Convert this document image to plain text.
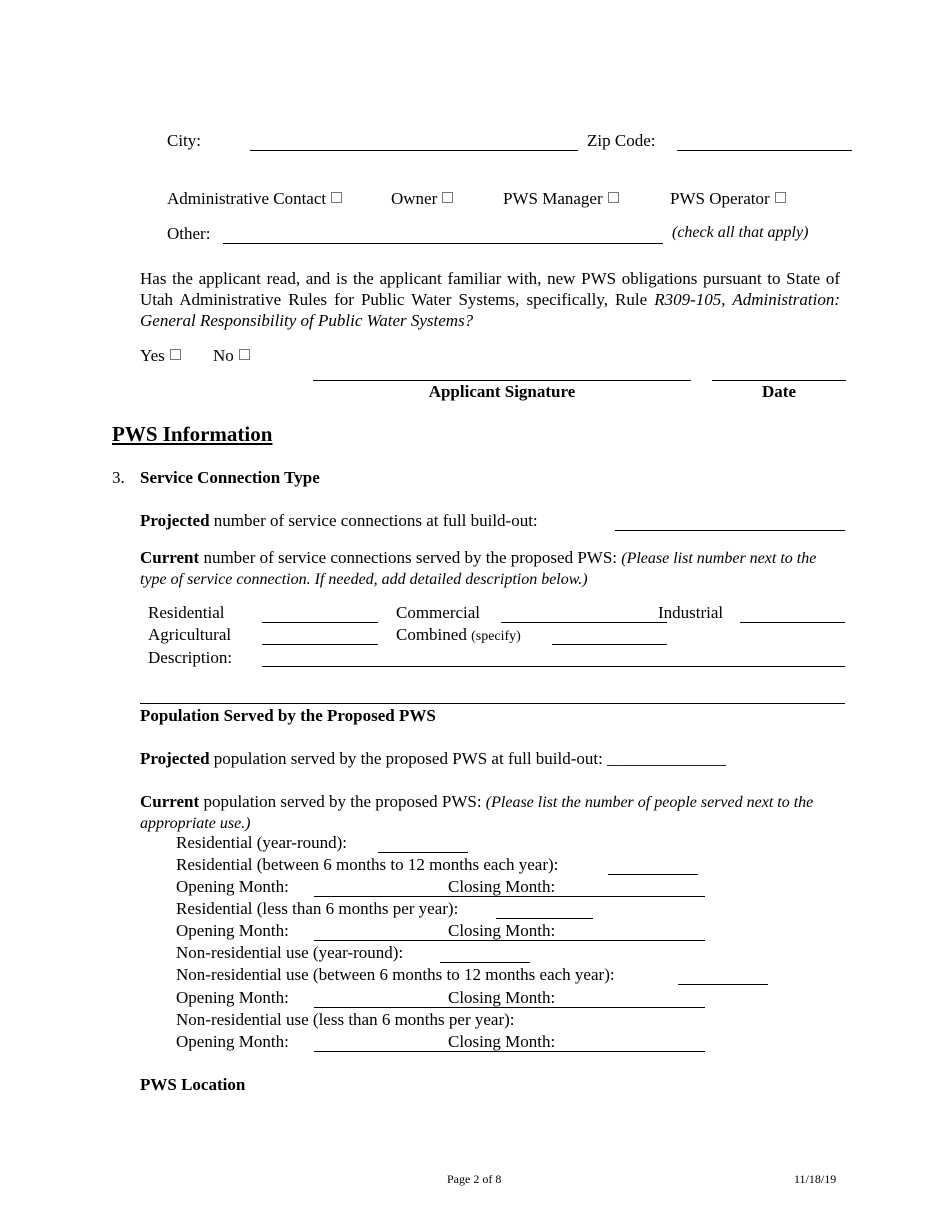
City:	Zip Code:
Administrative Contact	Owner	PWS Manager	PWS Operator
Other:	(check all that apply)
Has the applicant read, and is the applicant familiar with, new PWS obligations pursuant to State of Utah Administrative Rules for Public Water Systems, specifically, Rule R309-105, Administration: General Responsibility of Public Water Systems?
Yes	No
Applicant Signature	Date
PWS Information
3. Service Connection Type
Projected number of service connections at full build-out:
Current number of service connections served by the proposed PWS: (Please list number next to the type of service connection. If needed, add detailed description below.)
Residential	Commercial	Industrial
Agricultural	Combined (specify)
Description:
Population Served by the Proposed PWS
Projected population served by the proposed PWS at full build-out: ______________
Current population served by the proposed PWS: (Please list the number of people served next to the appropriate use.)
Residential (year-round):
Residential (between 6 months to 12 months each year):
Opening Month:	Closing Month:
Residential (less than 6 months per year):
Opening Month:	Closing Month:
Non-residential use (year-round):
Non-residential use (between 6 months to 12 months each year):
Opening Month:	Closing Month:
Non-residential use (less than 6 months per year):
Opening Month:	Closing Month:
PWS Location
Page 2 of 8	11/18/19
